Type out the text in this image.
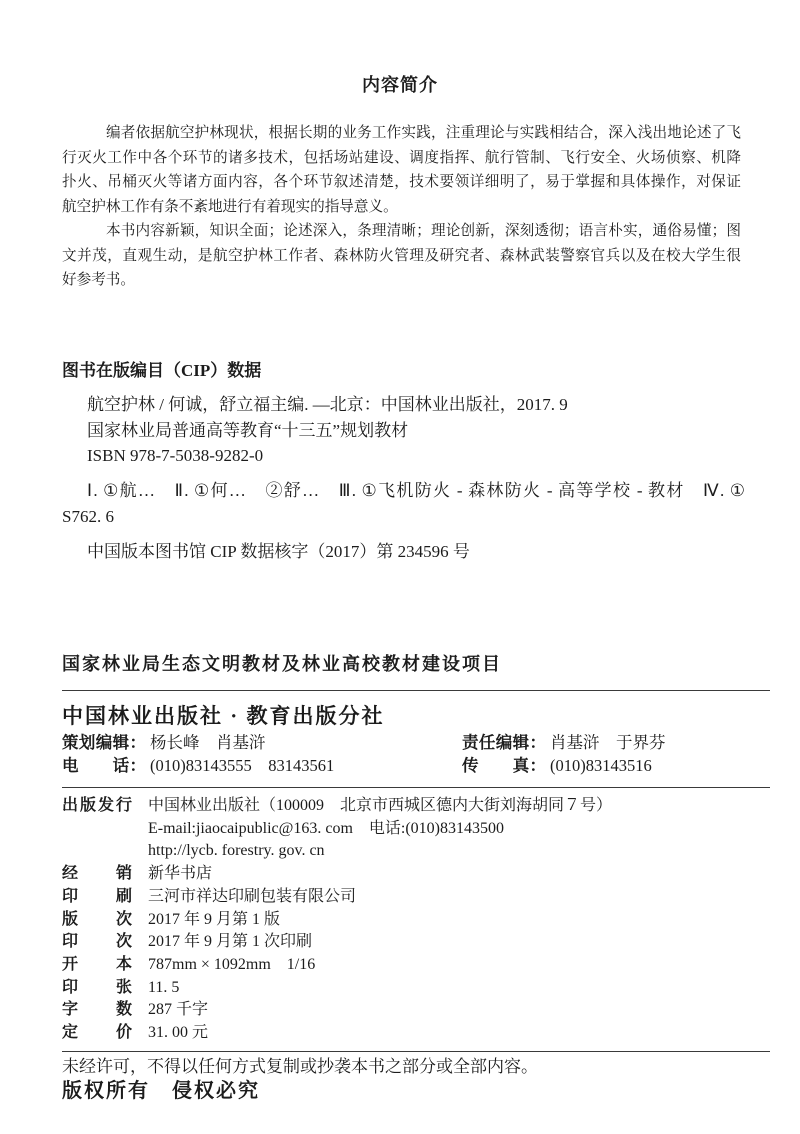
内容简介
编者依据航空护林现状，根据长期的业务工作实践，注重理论与实践相结合，深入浅出地论述了飞
行灭火工作中各个环节的诸多技术，包括场站建设、调度指挥、航行管制、飞行安全、火场侦察、机降
扑火、吊桶灭火等诸方面内容，各个环节叙述清楚，技术要领详细明了，易于掌握和具体操作，对保证
航空护林工作有条不紊地进行有着现实的指导意义。
本书内容新颖，知识全面；论述深入，条理清晰；理论创新，深刻透彻；语言朴实，通俗易懂；图
文并茂，直观生动，是航空护林工作者、森林防火管理及研究者、森林武装警察官兵以及在校大学生很
好参考书。
图书在版编目（CIP）数据
航空护林 / 何诚，舒立福主编. —北京：中国林业出版社，2017. 9
国家林业局普通高等教育“十三五”规划教材
ISBN 978-7-5038-9282-0
Ⅰ. ①航…　Ⅱ. ①何…　②舒…　Ⅲ. ①飞机防火 - 森林防火 - 高等学校 - 教材　Ⅳ. ①
S762. 6
中国版本图书馆 CIP 数据核字（2017）第 234596 号
国家林业局生态文明教材及林业高校教材建设项目
中国林业出版社 · 教育出版分社
策划编辑： 杨长峰　肖基浒	责任编辑： 肖基浒　于界芬
电　　话： (010)83143555　83143561	传　　真： (010)83143516
出版发行	中国林业出版社（100009　北京市西城区德内大街刘海胡同７号）
E-mail:jiaocaipublic@163. com　电话:(010)83143500
http://lycb. forestry. gov. cn
经　　销	新华书店
印　　刷	三河市祥达印刷包装有限公司
版　　次	2017 年 9 月第 1 版
印　　次	2017 年 9 月第 1 次印刷
开　　本	787mm × 1092mm　1/16
印　　张	11. 5
字　　数	287 千字
定　　价	31. 00 元
未经许可，不得以任何方式复制或抄袭本书之部分或全部内容。
版权所有　侵权必究
